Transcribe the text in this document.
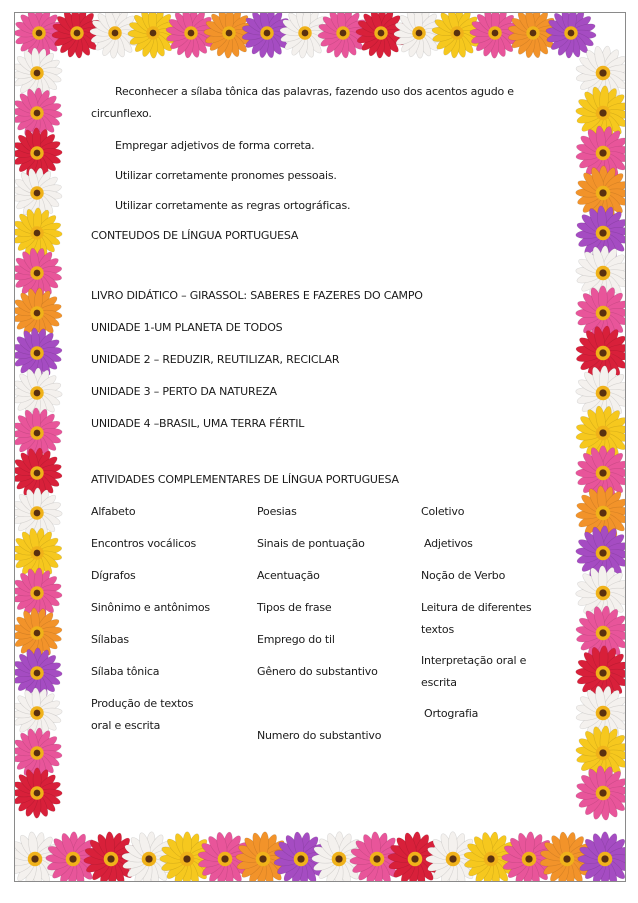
Reconhecer a sílaba tônica das palavras, fazendo uso dos acentos agudo e circunflexo.

Empregar adjetivos de forma correta.

Utilizar corretamente pronomes pessoais.

Utilizar corretamente as regras ortográficas.

CONTEUDOS DE LÍNGUA PORTUGUESA

LIVRO DIDÁTICO – GIRASSOL: SABERES E FAZERES DO CAMPO

UNIDADE 1-UM PLANETA DE TODOS

UNIDADE 2 – REDUZIR, REUTILIZAR, RECICLAR

UNIDADE 3 – PERTO DA NATUREZA

UNIDADE 4 –BRASIL, UMA TERRA FÉRTIL

ATIVIDADES COMPLEMENTARES DE LÍNGUA PORTUGUESA

Alfabeto

Encontros vocálicos

Dígrafos

Sinônimo e antônimos

Sílabas

Sílaba tônica

Produção de textos oral e escrita

Poesias

Sinais de pontuação

Acentuação

Tipos de frase

Emprego do til

Gênero do substantivo

Numero do substantivo

Coletivo

Adjetivos

Noção de Verbo

Leitura de diferentes textos

Interpretação oral e escrita

Ortografia
